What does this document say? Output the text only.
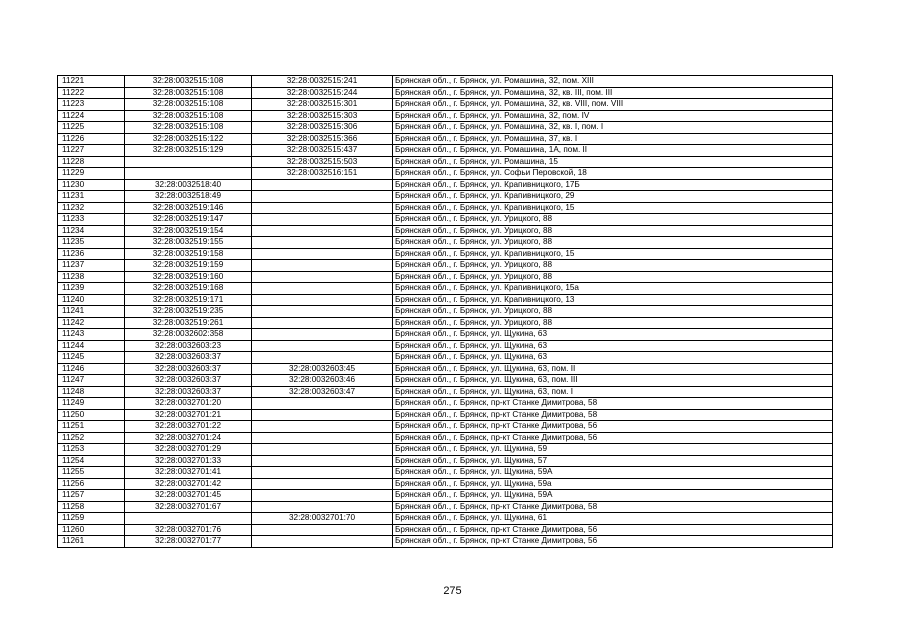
11221	32:28:0032515:108	32:28:0032515:241	Брянская обл., г. Брянск, ул. Ромашина, 32, пом. XIII
11222	32:28:0032515:108	32:28:0032515:244	Брянская обл., г. Брянск, ул. Ромашина, 32, кв. III, пом. III
11223	32:28:0032515:108	32:28:0032515:301	Брянская обл., г. Брянск, ул. Ромашина, 32, кв. VIII, пом. VIII
11224	32:28:0032515:108	32:28:0032515:303	Брянская обл., г. Брянск, ул. Ромашина, 32, пом. IV
11225	32:28:0032515:108	32:28:0032515:306	Брянская обл., г. Брянск, ул. Ромашина, 32, кв. I, пом. I
11226	32:28:0032515:122	32:28:0032515:366	Брянская обл., г. Брянск, ул. Ромашина, 37, кв. I
11227	32:28:0032515:129	32:28:0032515:437	Брянская обл., г. Брянск, ул. Ромашина, 1А, пом. II
11228		32:28:0032515:503	Брянская обл., г. Брянск, ул. Ромашина, 15
11229		32:28:0032516:151	Брянская обл., г. Брянск, ул. Софьи Перовской, 18
11230	32:28:0032518:40		Брянская обл., г. Брянск, ул. Крапивницкого, 17Б
11231	32:28:0032518:49		Брянская обл., г. Брянск, ул. Крапивницкого, 29
11232	32:28:0032519:146		Брянская обл., г. Брянск, ул. Крапивницкого, 15
11233	32:28:0032519:147		Брянская обл., г. Брянск, ул. Урицкого, 88
11234	32:28:0032519:154		Брянская обл., г. Брянск, ул. Урицкого, 88
11235	32:28:0032519:155		Брянская обл., г. Брянск, ул. Урицкого, 88
11236	32:28:0032519:158		Брянская обл., г. Брянск, ул. Крапивницкого, 15
11237	32:28:0032519:159		Брянская обл., г. Брянск, ул. Урицкого, 88
11238	32:28:0032519:160		Брянская обл., г. Брянск, ул. Урицкого, 88
11239	32:28:0032519:168		Брянская обл., г. Брянск, ул. Крапивницкого, 15а
11240	32:28:0032519:171		Брянская обл., г. Брянск, ул. Крапивницкого, 13
11241	32:28:0032519:235		Брянская обл., г. Брянск, ул. Урицкого, 88
11242	32:28:0032519:261		Брянская обл., г. Брянск, ул. Урицкого, 88
11243	32:28:0032602:358		Брянская обл., г. Брянск, ул. Щукина, 63
11244	32:28:0032603:23		Брянская обл., г. Брянск, ул. Щукина, 63
11245	32:28:0032603:37		Брянская обл., г. Брянск, ул. Щукина, 63
11246	32:28:0032603:37	32:28:0032603:45	Брянская обл., г. Брянск, ул. Щукина, 63, пом. II
11247	32:28:0032603:37	32:28:0032603:46	Брянская обл., г. Брянск, ул. Щукина, 63, пом. III
11248	32:28:0032603:37	32:28:0032603:47	Брянская обл., г. Брянск, ул. Щукина, 63, пом. I
11249	32:28:0032701:20		Брянская обл., г. Брянск, пр-кт Станке Димитрова, 58
11250	32:28:0032701:21		Брянская обл., г. Брянск, пр-кт Станке Димитрова, 58
11251	32:28:0032701:22		Брянская обл., г. Брянск, пр-кт Станке Димитрова, 56
11252	32:28:0032701:24		Брянская обл., г. Брянск, пр-кт Станке Димитрова, 56
11253	32:28:0032701:29		Брянская обл., г. Брянск, ул. Щукина, 59
11254	32:28:0032701:33		Брянская обл., г. Брянск, ул. Щукина, 57
11255	32:28:0032701:41		Брянская обл., г. Брянск, ул. Щукина, 59А
11256	32:28:0032701:42		Брянская обл., г. Брянск, ул. Щукина, 59а
11257	32:28:0032701:45		Брянская обл., г. Брянск, ул. Щукина, 59А
11258	32:28:0032701:67		Брянская обл., г. Брянск, пр-кт Станке Димитрова, 58
11259		32:28:0032701:70	Брянская обл., г. Брянск, ул. Щукина, 61
11260	32:28:0032701:76		Брянская обл., г. Брянск, пр-кт Станке Димитрова, 56
11261	32:28:0032701:77		Брянская обл., г. Брянск, пр-кт Станке Димитрова, 56
275
